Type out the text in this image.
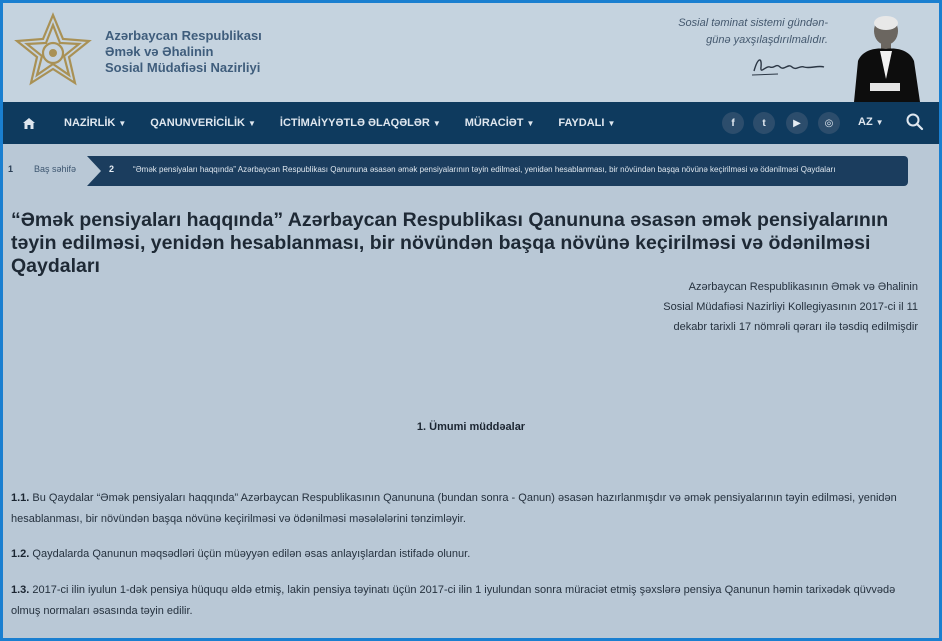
Azərbaycan Respublikası
Əmək və Əhalinin
Sosial Müdafiəsi Nazirliyi
Sosial təminat sistemi gündən-
günə yaxşılaşdırılmalıdır.
NAZİRLİK ▼ QANUNVERİCİLİK ▼ İCTİMAİYYƏTLƏ ƏLAQƏLƏR ▼ MÜRACİƏT ▼ FAYDALI ▼	f	t	▶	◎	AZ ▼
1 Baş səhifə	2 “Əmək pensiyaları haqqında” Azərbaycan Respublikası Qanununa əsasən əmək pensiyalarının təyin edilməsi, yenidən hesablanması, bir növündən başqa növünə keçirilməsi və ödənilməsi Qaydaları
“Əmək pensiyaları haqqında” Azərbaycan Respublikası Qanununa əsasən əmək pensiyalarının təyin edilməsi, yenidən hesablanması, bir növündən başqa növünə keçirilməsi və ödənilməsi Qaydaları
Azərbaycan Respublikasının Əmək və Əhalinin
Sosial Müdafiəsi Nazirliyi Kollegiyasının 2017-ci il 11
dekabr tarixli 17 nömrəli qərarı ilə təsdiq edilmişdir
1. Ümumi müddəalar

1.1. Bu Qaydalar “Əmək pensiyaları haqqında” Azərbaycan Respublikasının Qanununa (bundan sonra - Qanun) əsasən hazırlanmışdır və əmək pensiyalarının təyin edilməsi, yenidən hesablanması, bir növündən başqa növünə keçirilməsi və ödənilməsi məsələlərini tənzimləyir.

1.2. Qaydalarda Qanunun məqsədləri üçün müəyyən edilən əsas anlayışlardan istifadə olunur.

1.3. 2017-ci ilin iyulun 1-dək pensiya hüququ əldə etmiş, lakin pensiya təyinatı üçün 2017-ci ilin 1 iyulundan sonra müraciət etmiş şəxslərə pensiya Qanunun həmin tarixədək qüvvədə olmuş normaları əsasında təyin edilir.
